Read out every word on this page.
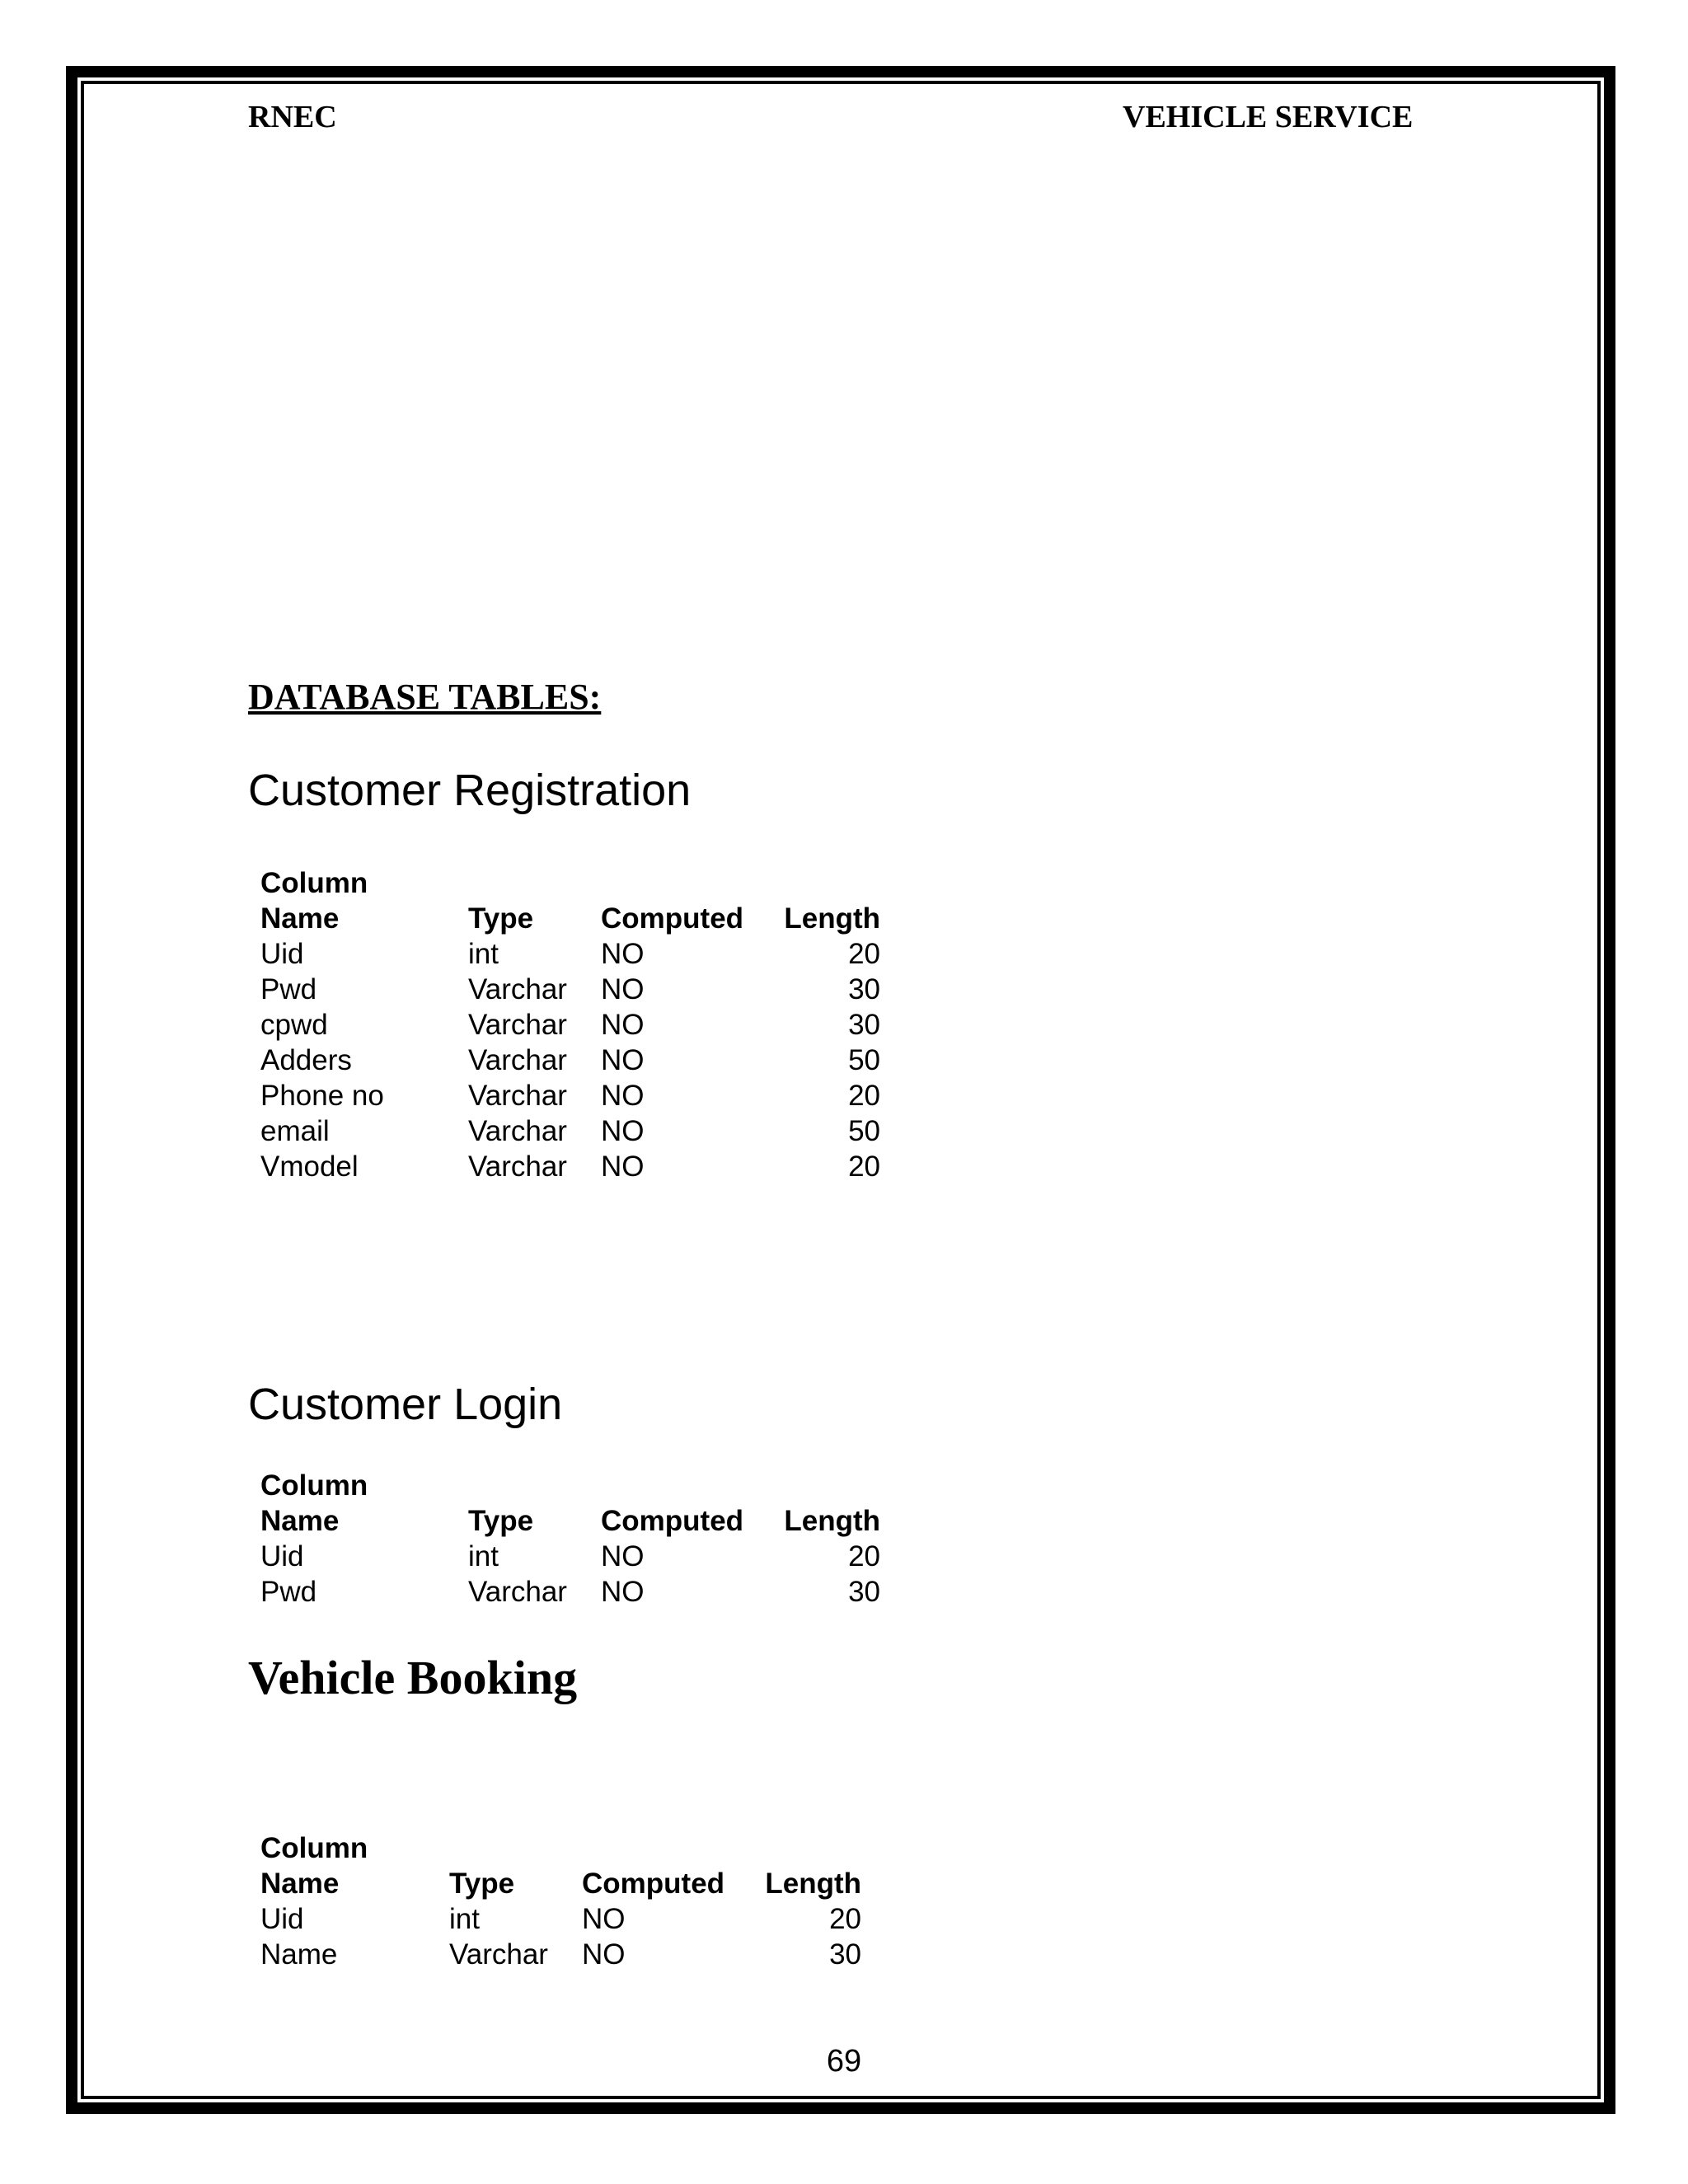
RNEC	VEHICLE SERVICE
DATABASE TABLES:
Customer Registration
Column
Name	Type	Computed	Length
Uid	int	NO	20
Pwd	Varchar	NO	30
cpwd	Varchar	NO	30
Adders	Varchar	NO	50
Phone no	Varchar	NO	20
email	Varchar	NO	50
Vmodel	Varchar	NO	20
Customer Login
Column
Name	Type	Computed	Length
Uid	int	NO	20
Pwd	Varchar	NO	30
Vehicle Booking
Column
Name	Type	Computed	Length
Uid	int	NO	20
Name	Varchar	NO	30
69
